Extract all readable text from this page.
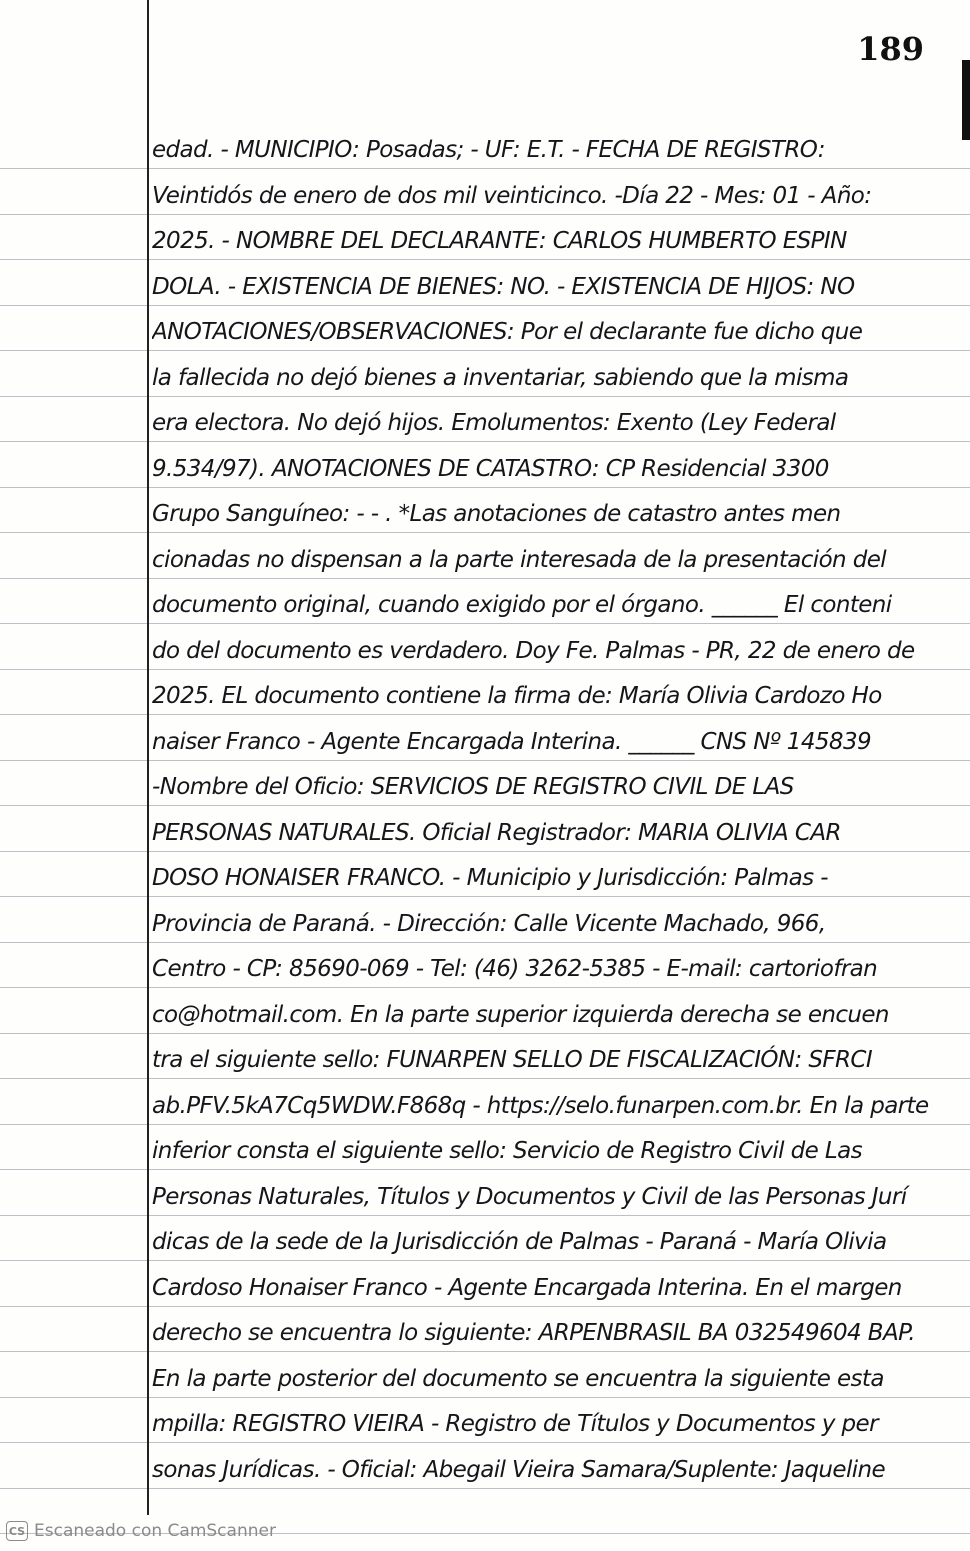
189
edad. - MUNICIPIO: Posadas; - UF: E.T. - FECHA DE REGISTRO:
Veintidós de enero de dos mil veinticinco. -Día 22 - Mes: 01 - Año:
2025. - NOMBRE DEL DECLARANTE: CARLOS HUMBERTO ESPIN
DOLA. - EXISTENCIA DE BIENES: NO. - EXISTENCIA DE HIJOS: NO
ANOTACIONES/OBSERVACIONES: Por el declarante fue dicho que
la fallecida no dejó bienes a inventariar, sabiendo que la misma
era electora. No dejó hijos. Emolumentos: Exento (Ley Federal
9.534/97). ANOTACIONES DE CATASTRO: CP Residencial 3300
Grupo Sanguíneo: - - . *Las anotaciones de catastro antes men
cionadas no dispensan a la parte interesada de la presentación del
documento original, cuando exigido por el órgano. ______ El conteni
do del documento es verdadero. Doy Fe. Palmas - PR, 22 de enero de
2025. EL documento contiene la firma de: María Olivia Cardozo Ho
naiser Franco - Agente Encargada Interina. ______ CNS Nº 145839
-Nombre del Oficio: SERVICIOS DE REGISTRO CIVIL DE LAS
PERSONAS NATURALES. Oficial Registrador: MARIA OLIVIA CAR
DOSO HONAISER FRANCO. - Municipio y Jurisdicción: Palmas -
Provincia de Paraná. - Dirección: Calle Vicente Machado, 966,
Centro - CP: 85690-069 - Tel: (46) 3262-5385 - E-mail: cartoriofran
co@hotmail.com. En la parte superior izquierda derecha se encuen
tra el siguiente sello: FUNARPEN SELLO DE FISCALIZACIÓN: SFRCI
ab.PFV.5kA7Cq5WDW.F868q - https://selo.funarpen.com.br. En la parte
inferior consta el siguiente sello: Servicio de Registro Civil de Las
Personas Naturales, Títulos y Documentos y Civil de las Personas Jurí
dicas de la sede de la Jurisdicción de Palmas - Paraná - María Olivia
Cardoso Honaiser Franco - Agente Encargada Interina. En el margen
derecho se encuentra lo siguiente: ARPENBRASIL BA 032549604 BAP.
En la parte posterior del documento se encuentra la siguiente esta
mpilla: REGISTRO VIEIRA - Registro de Títulos y Documentos y per
sonas Jurídicas. - Oficial: Abegail Vieira Samara/Suplente: Jaqueline
CS Escaneado con CamScanner
